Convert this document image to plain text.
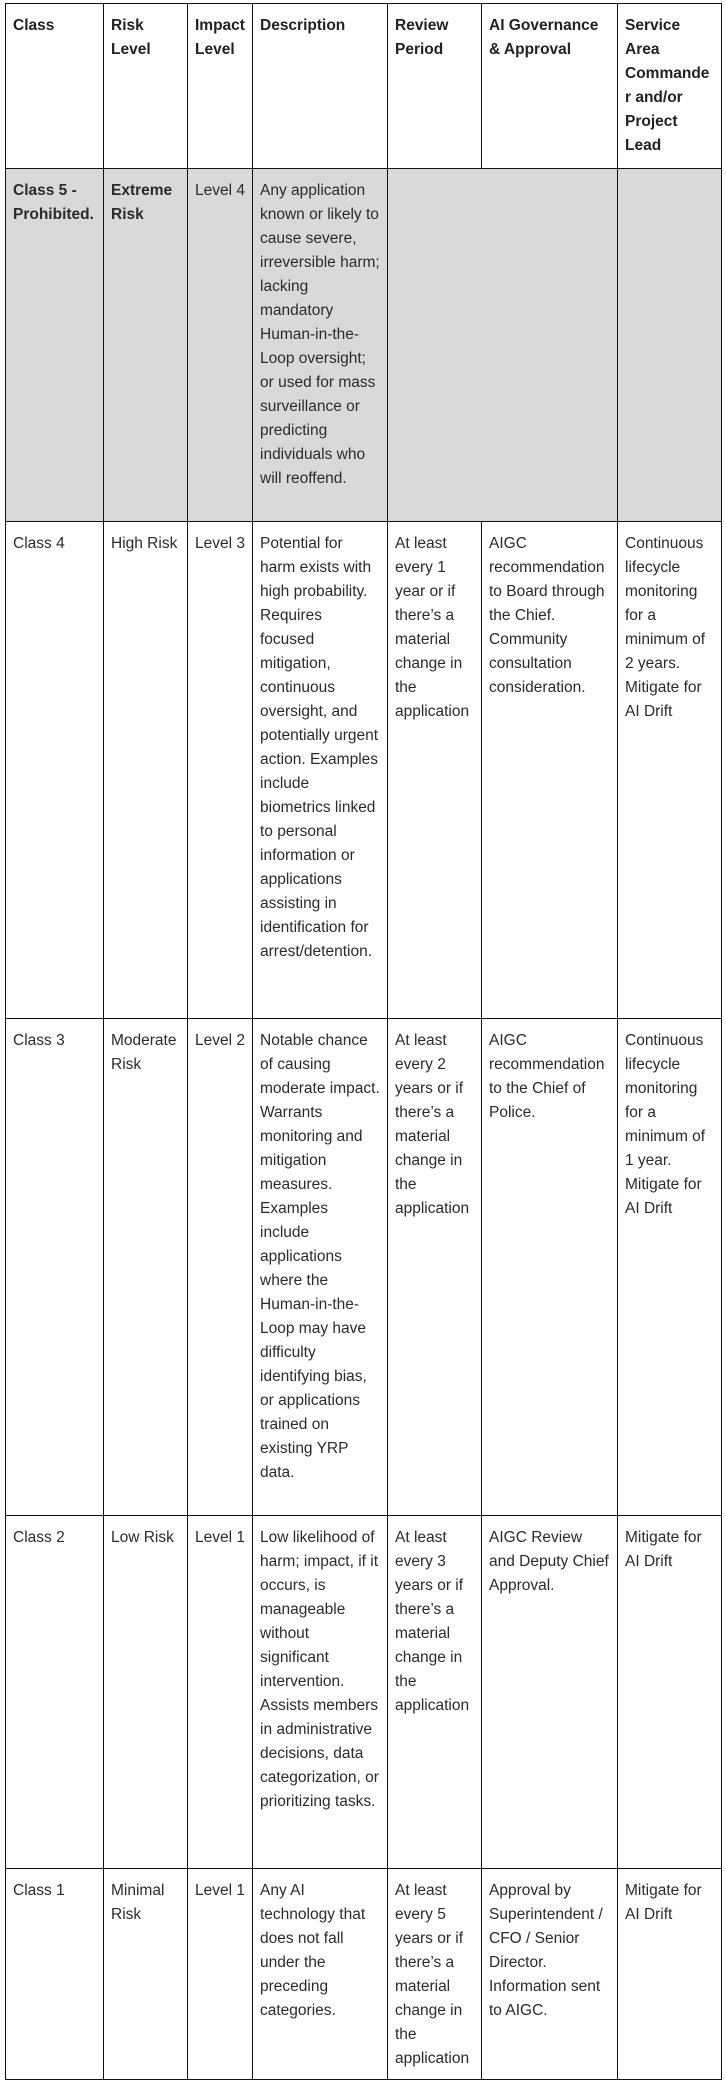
Class	Risk Level	Impact Level	Description	Review Period	AI Governance & Approval	Service Area Commander and/or Project Lead
Class 5 - Prohibited.	Extreme Risk	Level 4	Any application known or likely to cause severe, irreversible harm; lacking mandatory Human-in-the-Loop oversight; or used for mass surveillance or predicting individuals who will reoffend.			
Class 4	High Risk	Level 3	Potential for harm exists with high probability. Requires focused mitigation, continuous oversight, and potentially urgent action. Examples include biometrics linked to personal information or applications assisting in identification for arrest/detention.	At least every 1 year or if there’s a material change in the application	AIGC recommendation to Board through the Chief. Community consultation consideration.	Continuous lifecycle monitoring for a minimum of 2 years. Mitigate for AI Drift
Class 3	Moderate Risk	Level 2	Notable chance of causing moderate impact. Warrants monitoring and mitigation measures. Examples include applications where the Human-in-the-Loop may have difficulty identifying bias, or applications trained on existing YRP data.	At least every 2 years or if there’s a material change in the application	AIGC recommendation to the Chief of Police.	Continuous lifecycle monitoring for a minimum of 1 year. Mitigate for AI Drift
Class 2	Low Risk	Level 1	Low likelihood of harm; impact, if it occurs, is manageable without significant intervention. Assists members in administrative decisions, data categorization, or prioritizing tasks.	At least every 3 years or if there’s a material change in the application	AIGC Review and Deputy Chief Approval.	Mitigate for AI Drift
Class 1	Minimal Risk	Level 1	Any AI technology that does not fall under the preceding categories.	At least every 5 years or if there’s a material change in the application	Approval by Superintendent / CFO / Senior Director. Information sent to AIGC.	Mitigate for AI Drift
